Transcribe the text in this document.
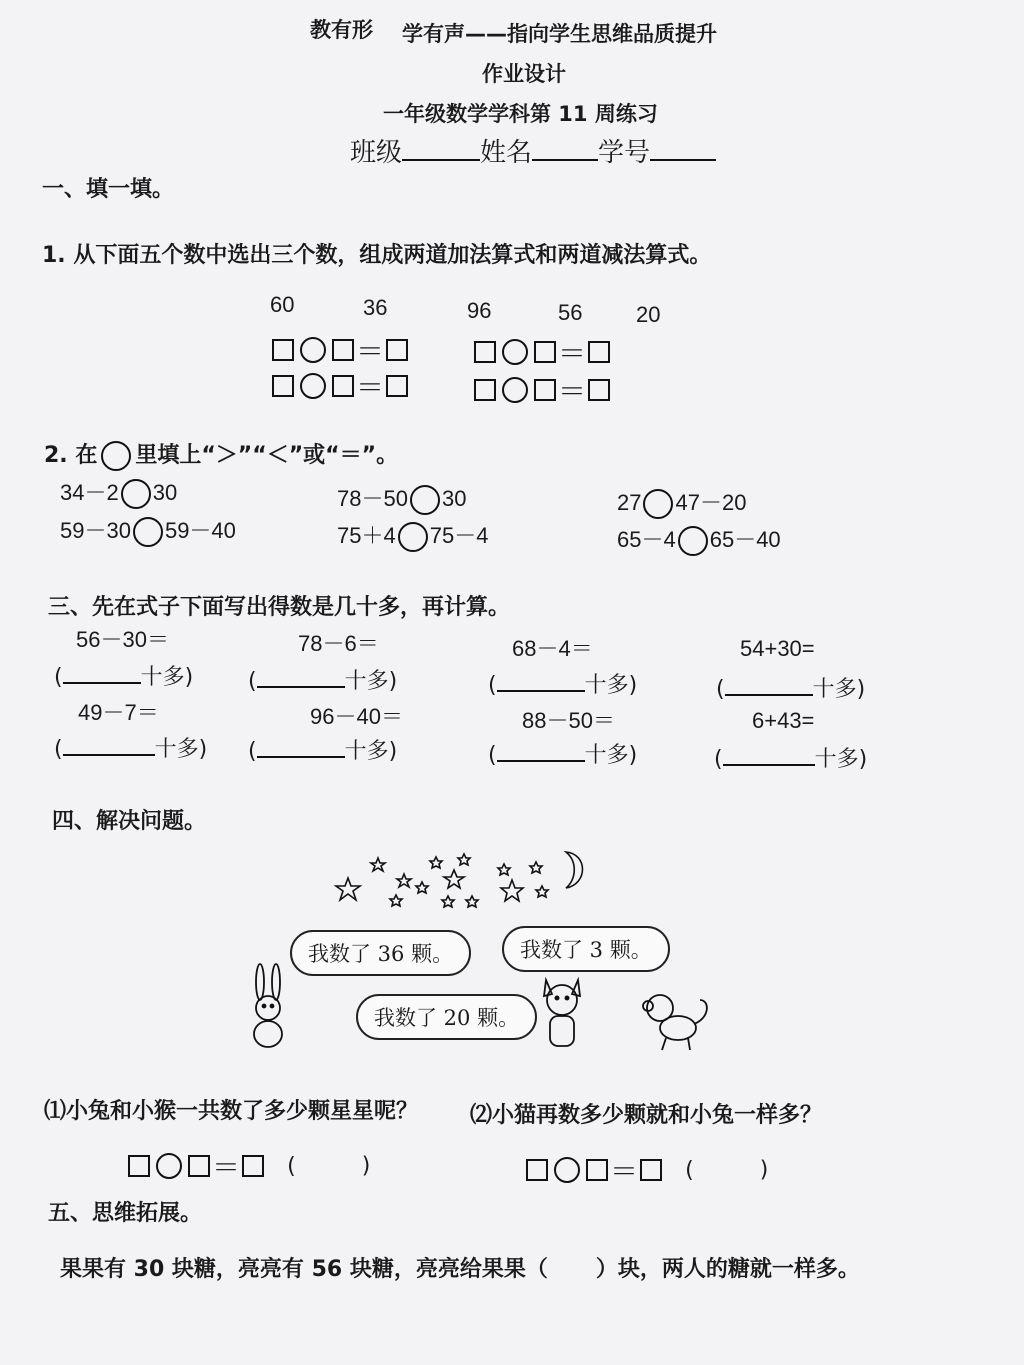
教有形 学有声——指向学生思维品质提升
作业设计
一年级数学学科第 11 周练习
班级	姓名	学号
一、填一填。
1. 从下面五个数中选出三个数，组成两道加法算式和两道减法算式。
60	36	96	56 20
＝	＝
＝	＝
2. 在 里填上“＞”“＜”或“＝”。
34－2 30	78－50 30	27 47－20
59－30 59－40	75＋4 75－4	65－4 65－40
三、先在式子下面写出得数是几十多，再计算。
56－30＝	78－6＝	68－4＝	54+30=
(	十多) (	十多)	(	十多)	(	十多)
49－7＝	96－40＝	88－50＝	6+43=
(	十多) (	十多)	(	十多)	(	十多)
四、解决问题。
我数了 36 颗。	我数了 3 颗。
我数了 20 颗。
⑴小兔和小猴一共数了多少颗星星呢？ ⑵小猫再数多少颗就和小兔一样多？
＝ (	)	＝ (	)
五、思维拓展。
果果有 30 块糖，亮亮有 56 块糖，亮亮给果果（ ）块，两人的糖就一样多。
